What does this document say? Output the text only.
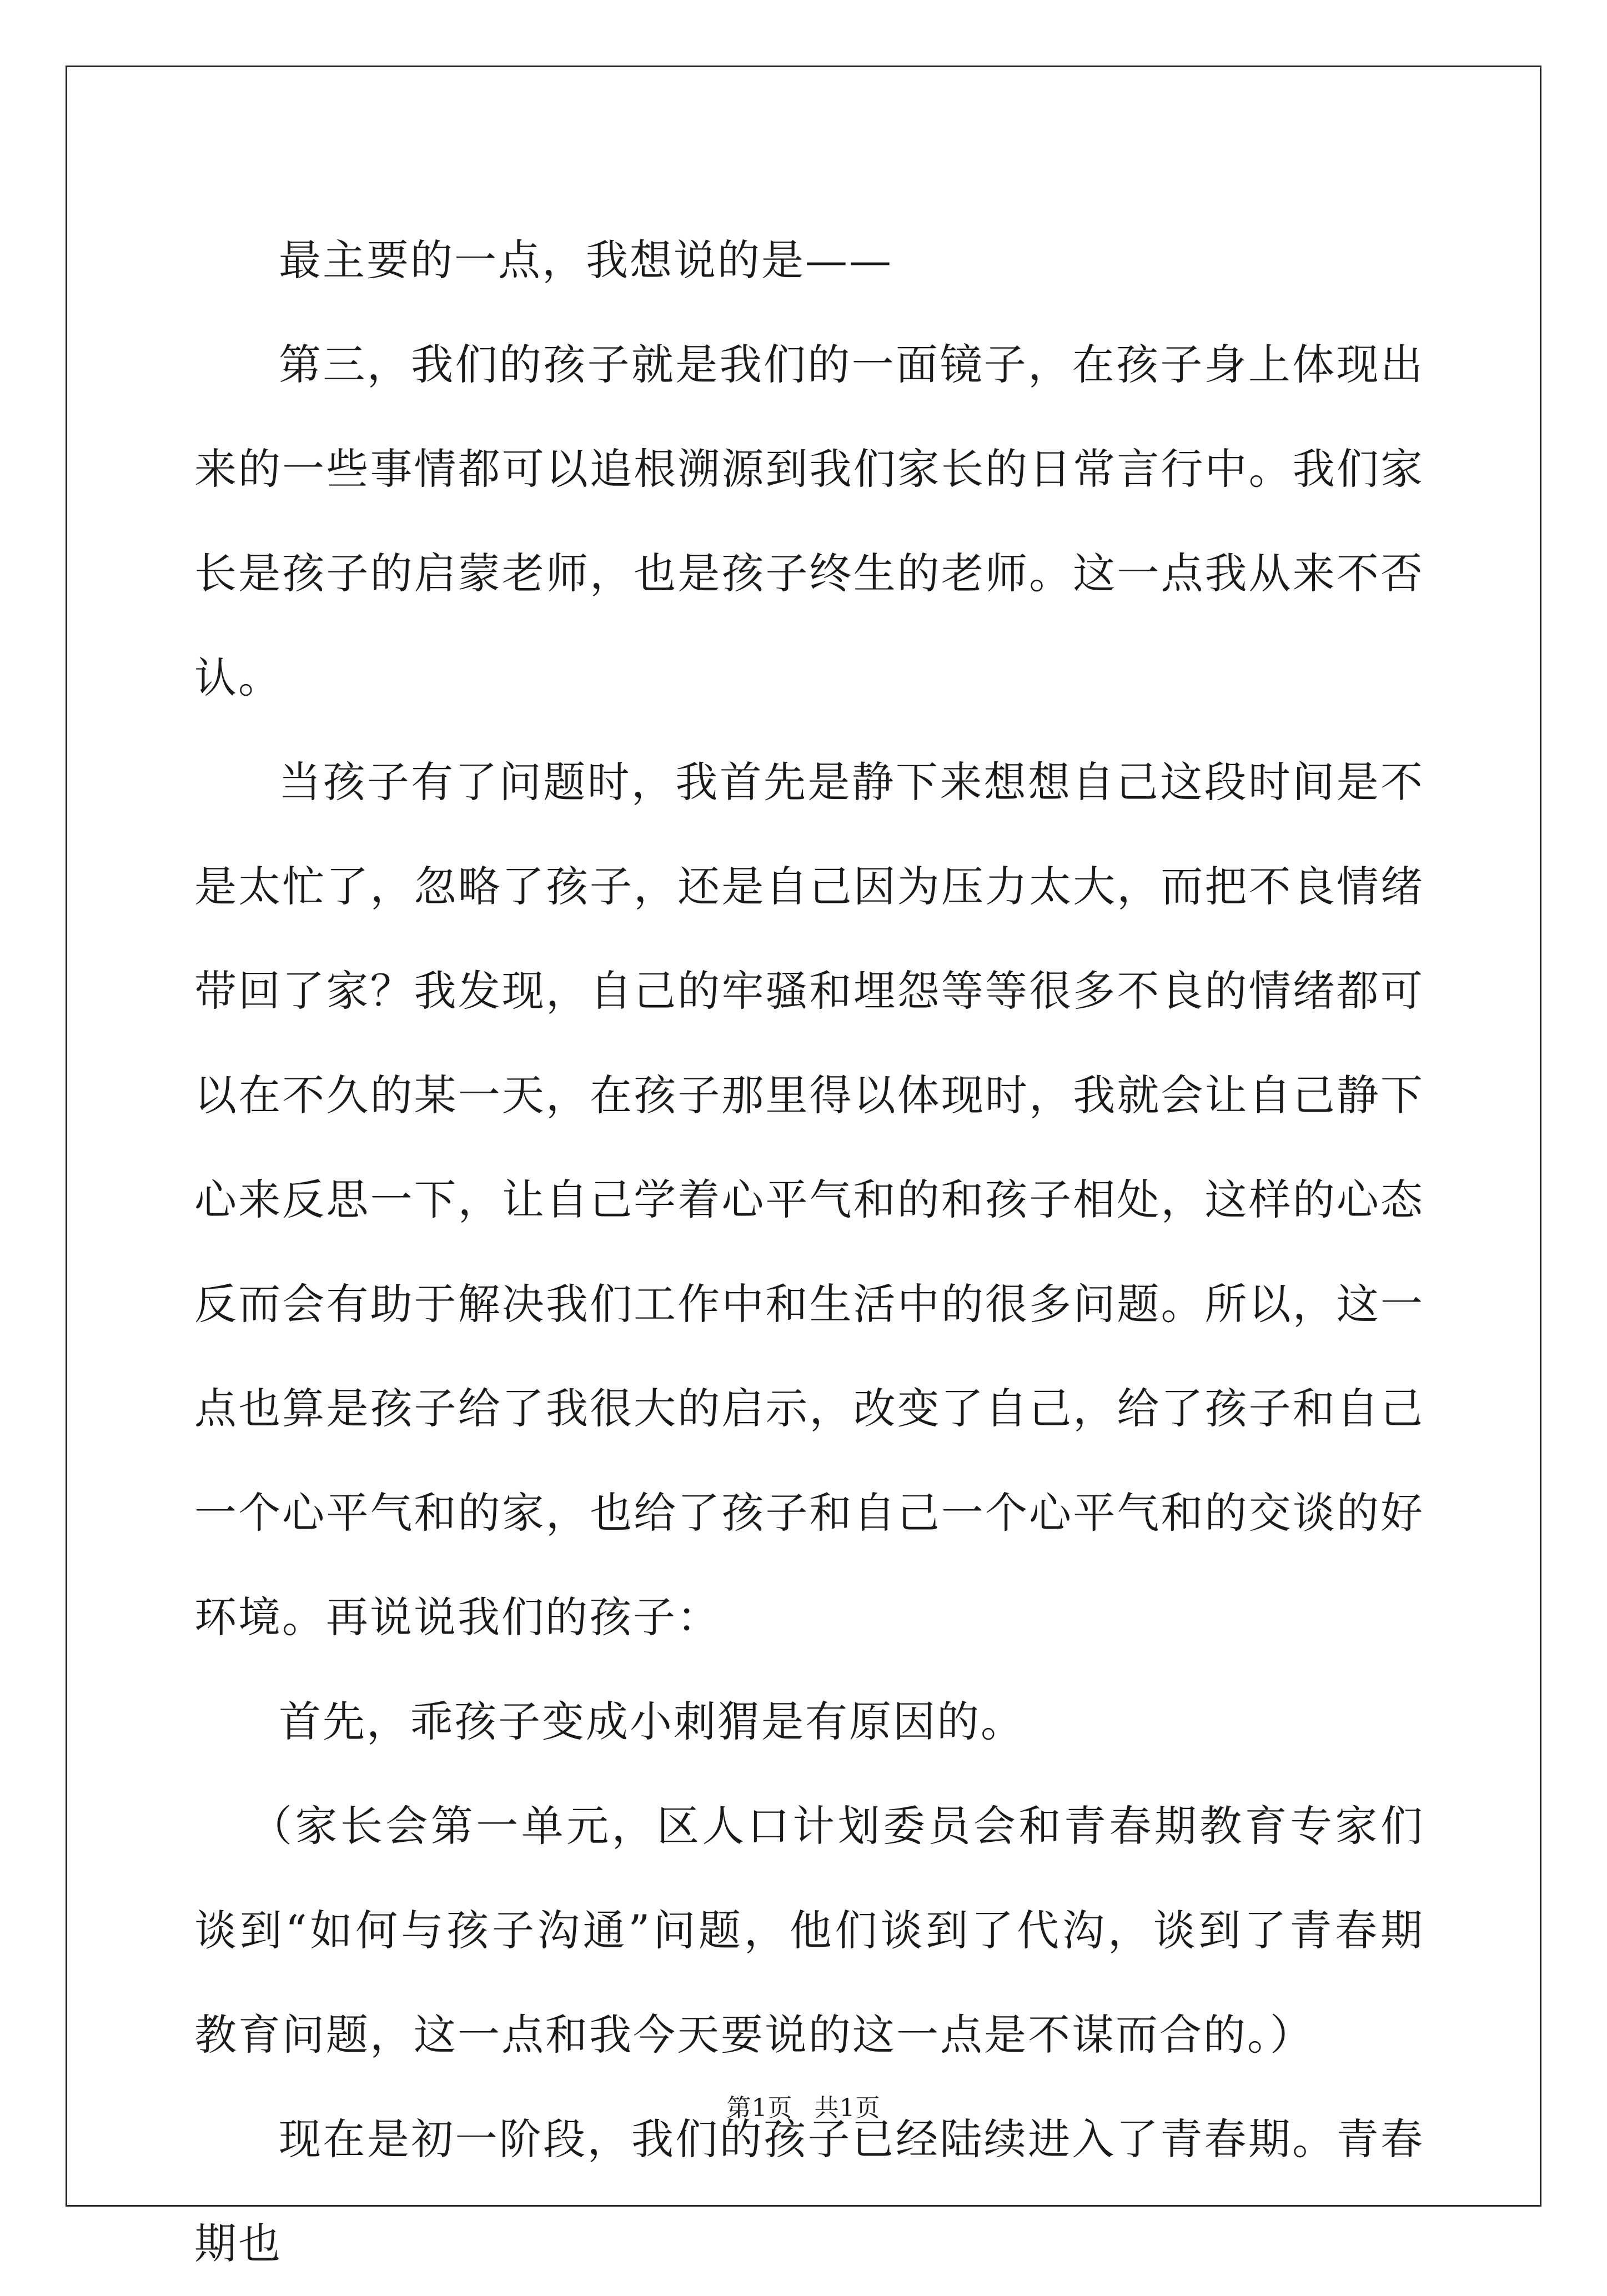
最主要的一点，我想说的是——

第三，我们的孩子就是我们的一面镜子，在孩子身上体现出来的一些事情都可以追根溯源到我们家长的日常言行中。我们家长是孩子的启蒙老师，也是孩子终生的老师。这一点我从来不否认。

当孩子有了问题时，我首先是静下来想想自己这段时间是不是太忙了，忽略了孩子，还是自己因为压力太大，而把不良情绪带回了家？我发现，自己的牢骚和埋怨等等很多不良的情绪都可以在不久的某一天，在孩子那里得以体现时，我就会让自己静下心来反思一下，让自己学着心平气和的和孩子相处，这样的心态反而会有助于解决我们工作中和生活中的很多问题。所以，这一点也算是孩子给了我很大的启示，改变了自己，给了孩子和自己一个心平气和的家，也给了孩子和自己一个心平气和的交谈的好环境。再说说我们的孩子：

首先，乖孩子变成小刺猬是有原因的。

（家长会第一单元，区人口计划委员会和青春期教育专家们谈到“如何与孩子沟通”问题，他们谈到了代沟，谈到了青春期教育问题，这一点和我今天要说的这一点是不谋而合的。）

现在是初一阶段，我们的孩子已经陆续进入了青春期。青春期也

第1页 共1页
